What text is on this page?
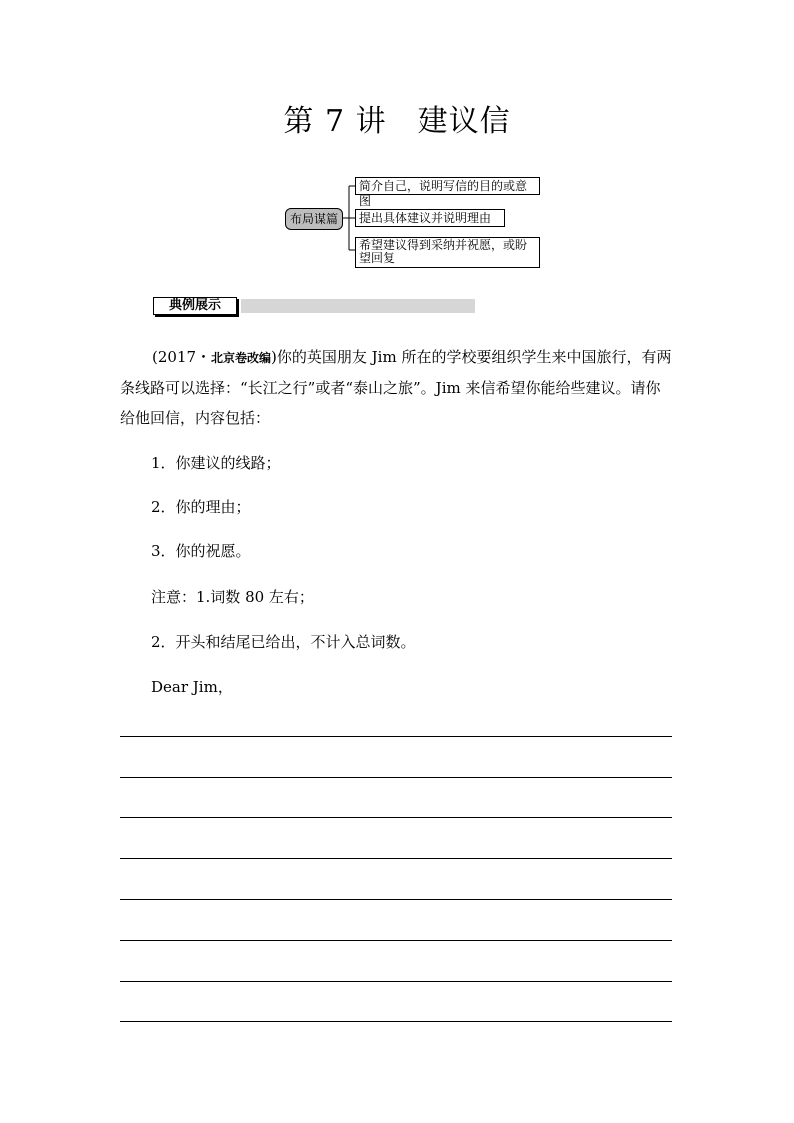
第 7 讲　建议信
布局谋篇
简介自己，说明写信的目的或意图
提出具体建议并说明理由
希望建议得到采纳并祝愿，或盼望回复
典例展示
(2017・北京卷改编)你的英国朋友 Jim 所在的学校要组织学生来中国旅行，有两条线路可以选择：“长江之行”或者“泰山之旅”。Jim 来信希望你能给些建议。请你给他回信，内容包括：
1．你建议的线路；
2．你的理由；
3．你的祝愿。
注意：1.词数 80 左右；
2．开头和结尾已给出，不计入总词数。
Dear Jim，
